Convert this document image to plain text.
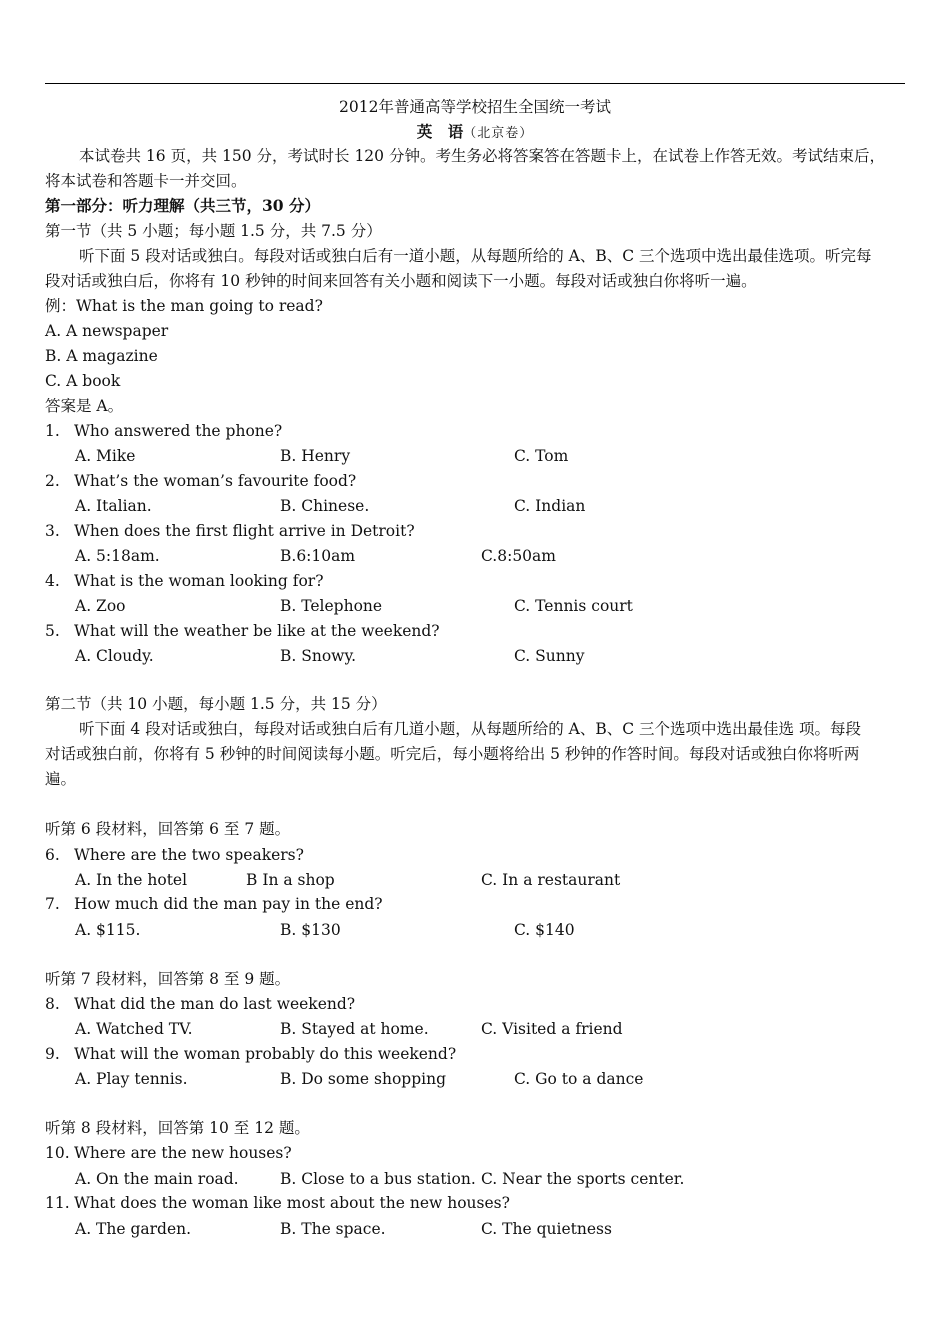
2012年普通高等学校招生全国统一考试
英　语（北京卷）
本试卷共 16 页，共 150 分，考试时长 120 分钟。考生务必将答案答在答题卡上，在试卷上作答无效。考试结束后，
将本试卷和答题卡一并交回。
第一部分：听力理解（共三节，30 分）
第一节（共 5 小题；每小题 1.5 分，共 7.5 分）
听下面 5 段对话或独白。每段对话或独白后有一道小题，从每题所给的 A、B、C 三个选项中选出最佳选项。听完每
段对话或独白后，你将有 10 秒钟的时间来回答有关小题和阅读下一小题。每段对话或独白你将听一遍。
例：What is the man going to read?
A. A newspaper
B. A magazine
C. A book
答案是 A。
1. Who answered the phone?
A. Mike	B. Henry	C. Tom
2. What’s the woman’s favourite food?
A. Italian.	B. Chinese.	C. Indian
3. When does the first flight arrive in Detroit?
A. 5:18am.	B.6:10am	C.8:50am
4. What is the woman looking for?
A. Zoo	B. Telephone	C. Tennis court
5. What will the weather be like at the weekend?
A. Cloudy.	B. Snowy.	C. Sunny
第二节（共 10 小题，每小题 1.5 分，共 15 分）
听下面 4 段对话或独白，每段对话或独白后有几道小题，从每题所给的 A、B、C 三个选项中选出最佳选 项。每段
对话或独白前，你将有 5 秒钟的时间阅读每小题。听完后，每小题将给出 5 秒钟的作答时间。每段对话或独白你将听两
遍。
听第 6 段材料，回答第 6 至 7 题。
6. Where are the two speakers?
A. In the hotel	B In a shop	C. In a restaurant
7. How much did the man pay in the end?
A. $115.	B. $130	C. $140
听第 7 段材料，回答第 8 至 9 题。
8. What did the man do last weekend?
A. Watched TV.	B. Stayed at home.	C. Visited a friend
9. What will the woman probably do this weekend?
A. Play tennis.	B. Do some shopping	C. Go to a dance
听第 8 段材料，回答第 10 至 12 题。
10. Where are the new houses?
A. On the main road.	B. Close to a bus station. C. Near the sports center.
11. What does the woman like most about the new houses?
A. The garden.	B. The space.	C. The quietness
